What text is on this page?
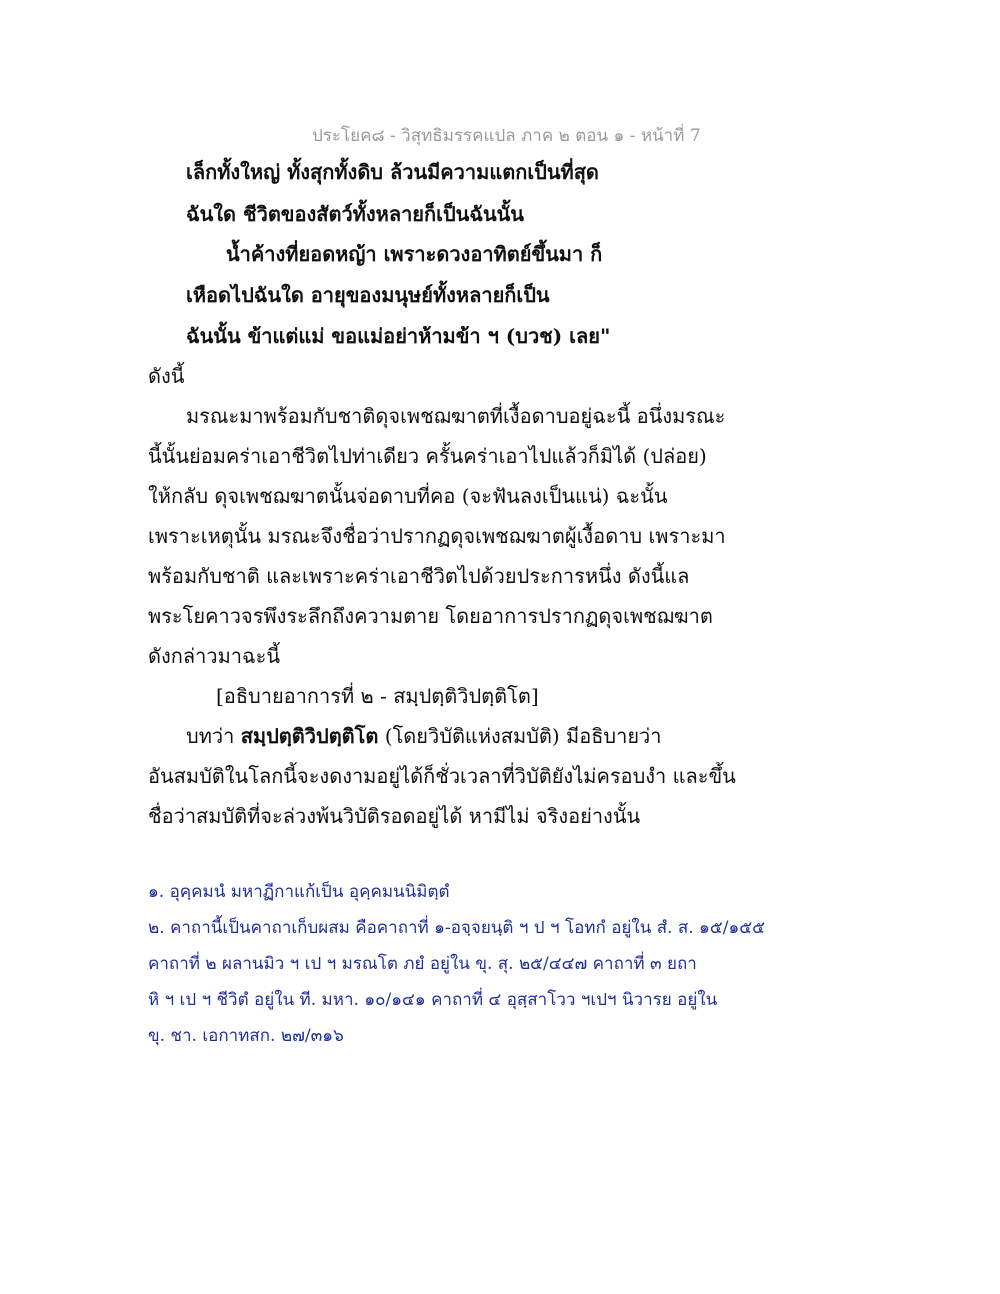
ประโยค๘ - วิสุทธิมรรคแปล ภาค ๒ ตอน ๑ - หน้าที่ 7
เล็กทั้งใหญ่ ทั้งสุกทั้งดิบ ล้วนมีความแตกเป็นที่สุด
ฉันใด ชีวิตของสัตว์ทั้งหลายก็เป็นฉันนั้น
น้ำค้างที่ยอดหญ้า เพราะดวงอาทิตย์ขึ้นมา ก็
เหือดไปฉันใด อายุของมนุษย์ทั้งหลายก็เป็น
ฉันนั้น ข้าแต่แม่ ขอแม่อย่าห้ามข้า ฯ (บวช) เลย"
ดังนี้
มรณะมาพร้อมกับชาติดุจเพชฌฆาตที่เงื้อดาบอยู่ฉะนี้ อนึ่งมรณะ
นี้นั้นย่อมคร่าเอาชีวิตไปท่าเดียว ครั้นคร่าเอาไปแล้วก็มิได้ (ปล่อย)
ให้กลับ ดุจเพชฌฆาตนั้นจ่อดาบที่คอ (จะฟันลงเป็นแน่) ฉะนั้น
เพราะเหตุนั้น มรณะจึงชื่อว่าปรากฏดุจเพชฌฆาตผู้เงื้อดาบ เพราะมา
พร้อมกับชาติ และเพราะคร่าเอาชีวิตไปด้วยประการหนึ่ง ดังนี้แล
พระโยคาวจรพึงระลึกถึงความตาย โดยอาการปรากฏดุจเพชฌฆาต
ดังกล่าวมาฉะนี้
[อธิบายอาการที่ ๒ - สมฺปตฺติวิปตฺติโต]
บทว่า สมฺปตฺติวิปตฺติโต (โดยวิบัติแห่งสมบัติ) มีอธิบายว่า
อันสมบัติในโลกนี้จะงดงามอยู่ได้ก็ชั่วเวลาที่วิบัติยังไม่ครอบงำ และขึ้น
ชื่อว่าสมบัติที่จะล่วงพ้นวิบัติรอดอยู่ได้ หามีไม่ จริงอย่างนั้น
๑. อุคฺคมนํ มหาฏีกาแก้เป็น อุคฺคมนนิมิตฺตํ
๒. คาถานี้เป็นคาถาเก็บผสม คือคาถาที่ ๑-อจฺจยนฺติ ฯ ป ฯ โอทกํ อยู่ใน สํ. ส. ๑๕/๑๕๕
คาถาที่ ๒ ผลานมิว ฯ เป ฯ มรณโต ภยํ อยู่ใน ขุ. สุ. ๒๕/๔๔๗ คาถาที่ ๓ ยถา
หิ ฯ เป ฯ ชีวิตํ อยู่ใน ที. มหา. ๑๐/๑๔๑ คาถาที่ ๔ อุสฺสาโวว ฯเปฯ นิวารย อยู่ใน
ขุ. ชา. เอกาทสก. ๒๗/๓๑๖
